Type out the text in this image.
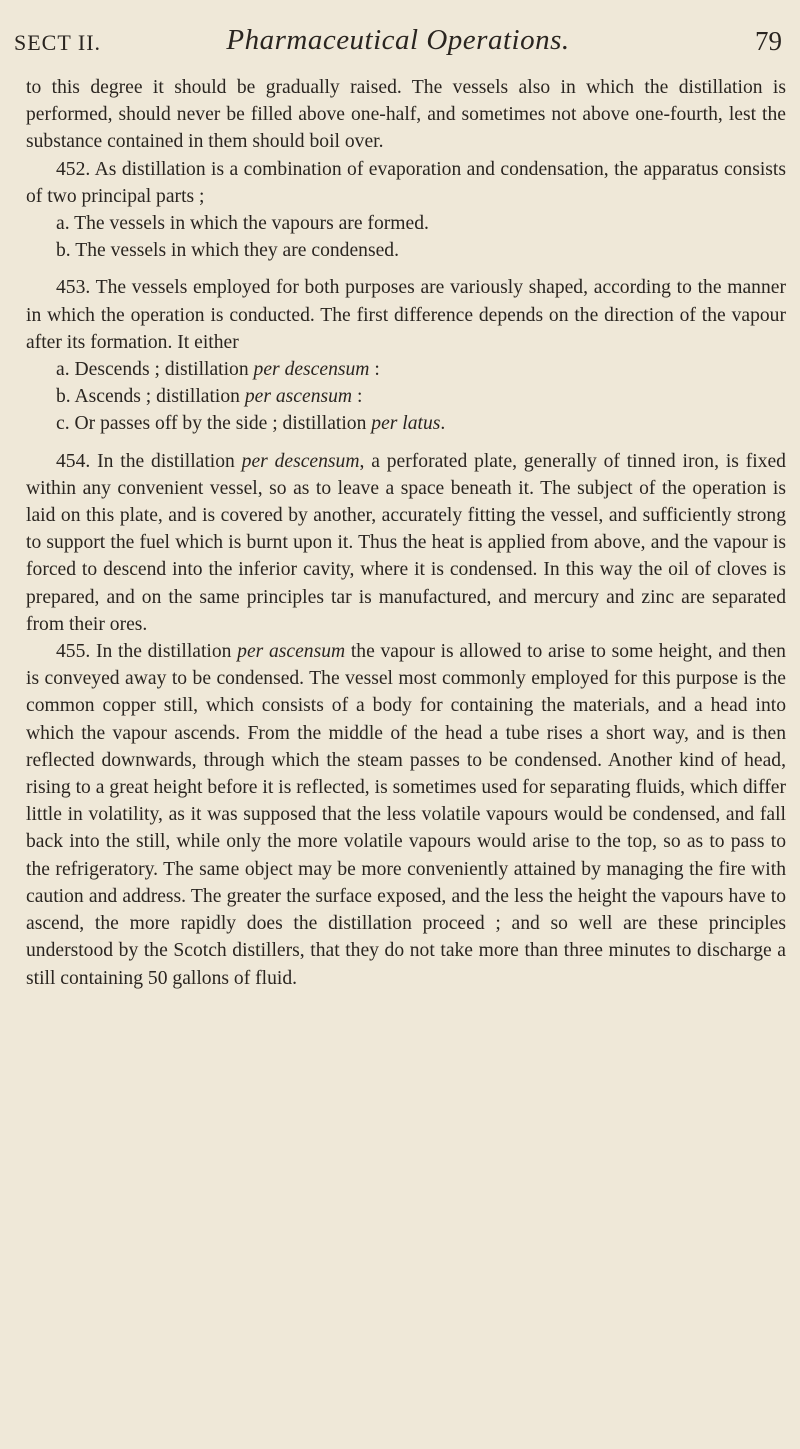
SECT II.	Pharmaceutical Operations.	79

to this degree it should be gradually raised. The vessels also in which the distillation is performed, should never be filled above one-half, and sometimes not above one-fourth, lest the substance contained in them should boil over.

452. As distillation is a combination of evaporation and condensation, the apparatus consists of two principal parts ;

a. The vessels in which the vapours are formed.

b. The vessels in which they are condensed.

453. The vessels employed for both purposes are variously shaped, according to the manner in which the operation is conducted. The first difference depends on the direction of the vapour after its formation. It either

a. Descends ; distillation per descensum :

b. Ascends ; distillation per ascensum :

c. Or passes off by the side ; distillation per latus.

454. In the distillation per descensum, a perforated plate, generally of tinned iron, is fixed within any convenient vessel, so as to leave a space beneath it. The subject of the operation is laid on this plate, and is covered by another, accurately fitting the vessel, and sufficiently strong to support the fuel which is burnt upon it. Thus the heat is applied from above, and the vapour is forced to descend into the inferior cavity, where it is condensed. In this way the oil of cloves is prepared, and on the same principles tar is manufactured, and mercury and zinc are separated from their ores.

455. In the distillation per ascensum the vapour is allowed to arise to some height, and then is conveyed away to be condensed. The vessel most commonly employed for this purpose is the common copper still, which consists of a body for containing the materials, and a head into which the vapour ascends. From the middle of the head a tube rises a short way, and is then reflected downwards, through which the steam passes to be condensed. Another kind of head, rising to a great height before it is reflected, is sometimes used for separating fluids, which differ little in volatility, as it was supposed that the less volatile vapours would be condensed, and fall back into the still, while only the more volatile vapours would arise to the top, so as to pass to the refrigeratory. The same object may be more conveniently attained by managing the fire with caution and address. The greater the surface exposed, and the less the height the vapours have to ascend, the more rapidly does the distillation proceed ; and so well are these principles understood by the Scotch distillers, that they do not take more than three minutes to discharge a still containing 50 gallons of fluid.
